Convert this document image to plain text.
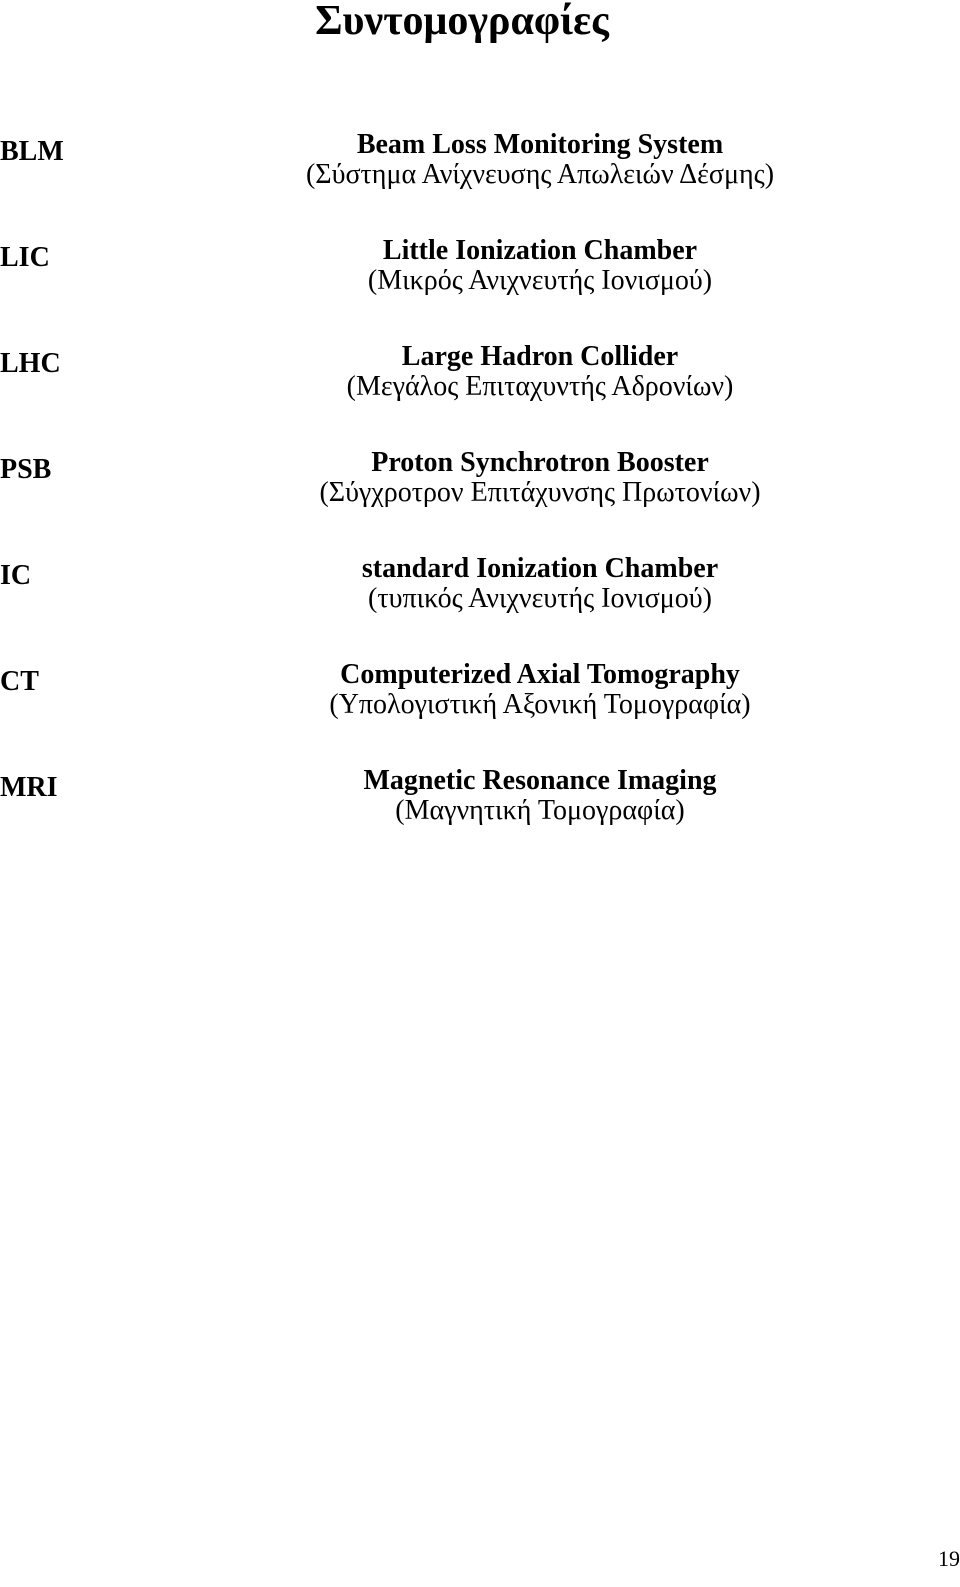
Συντομογραφίες
BLM	Beam Loss Monitoring System
(Σύστημα Ανίχνευσης Απωλειών Δέσμης)
LIC	Little Ionization Chamber
(Μικρός Ανιχνευτής Ιονισμού)
LHC	Large Hadron Collider
(Μεγάλος Επιταχυντής Αδρονίων)
PSB	Proton Synchrotron Booster
(Σύγχροτρον Επιτάχυνσης Πρωτονίων)
IC	standard Ionization Chamber
(τυπικός Ανιχνευτής Ιονισμού)
CT	Computerized Axial Tomography
(Υπολογιστική Αξονική Τομογραφία)
MRI	Magnetic Resonance Imaging
(Μαγνητική Τομογραφία)
19
